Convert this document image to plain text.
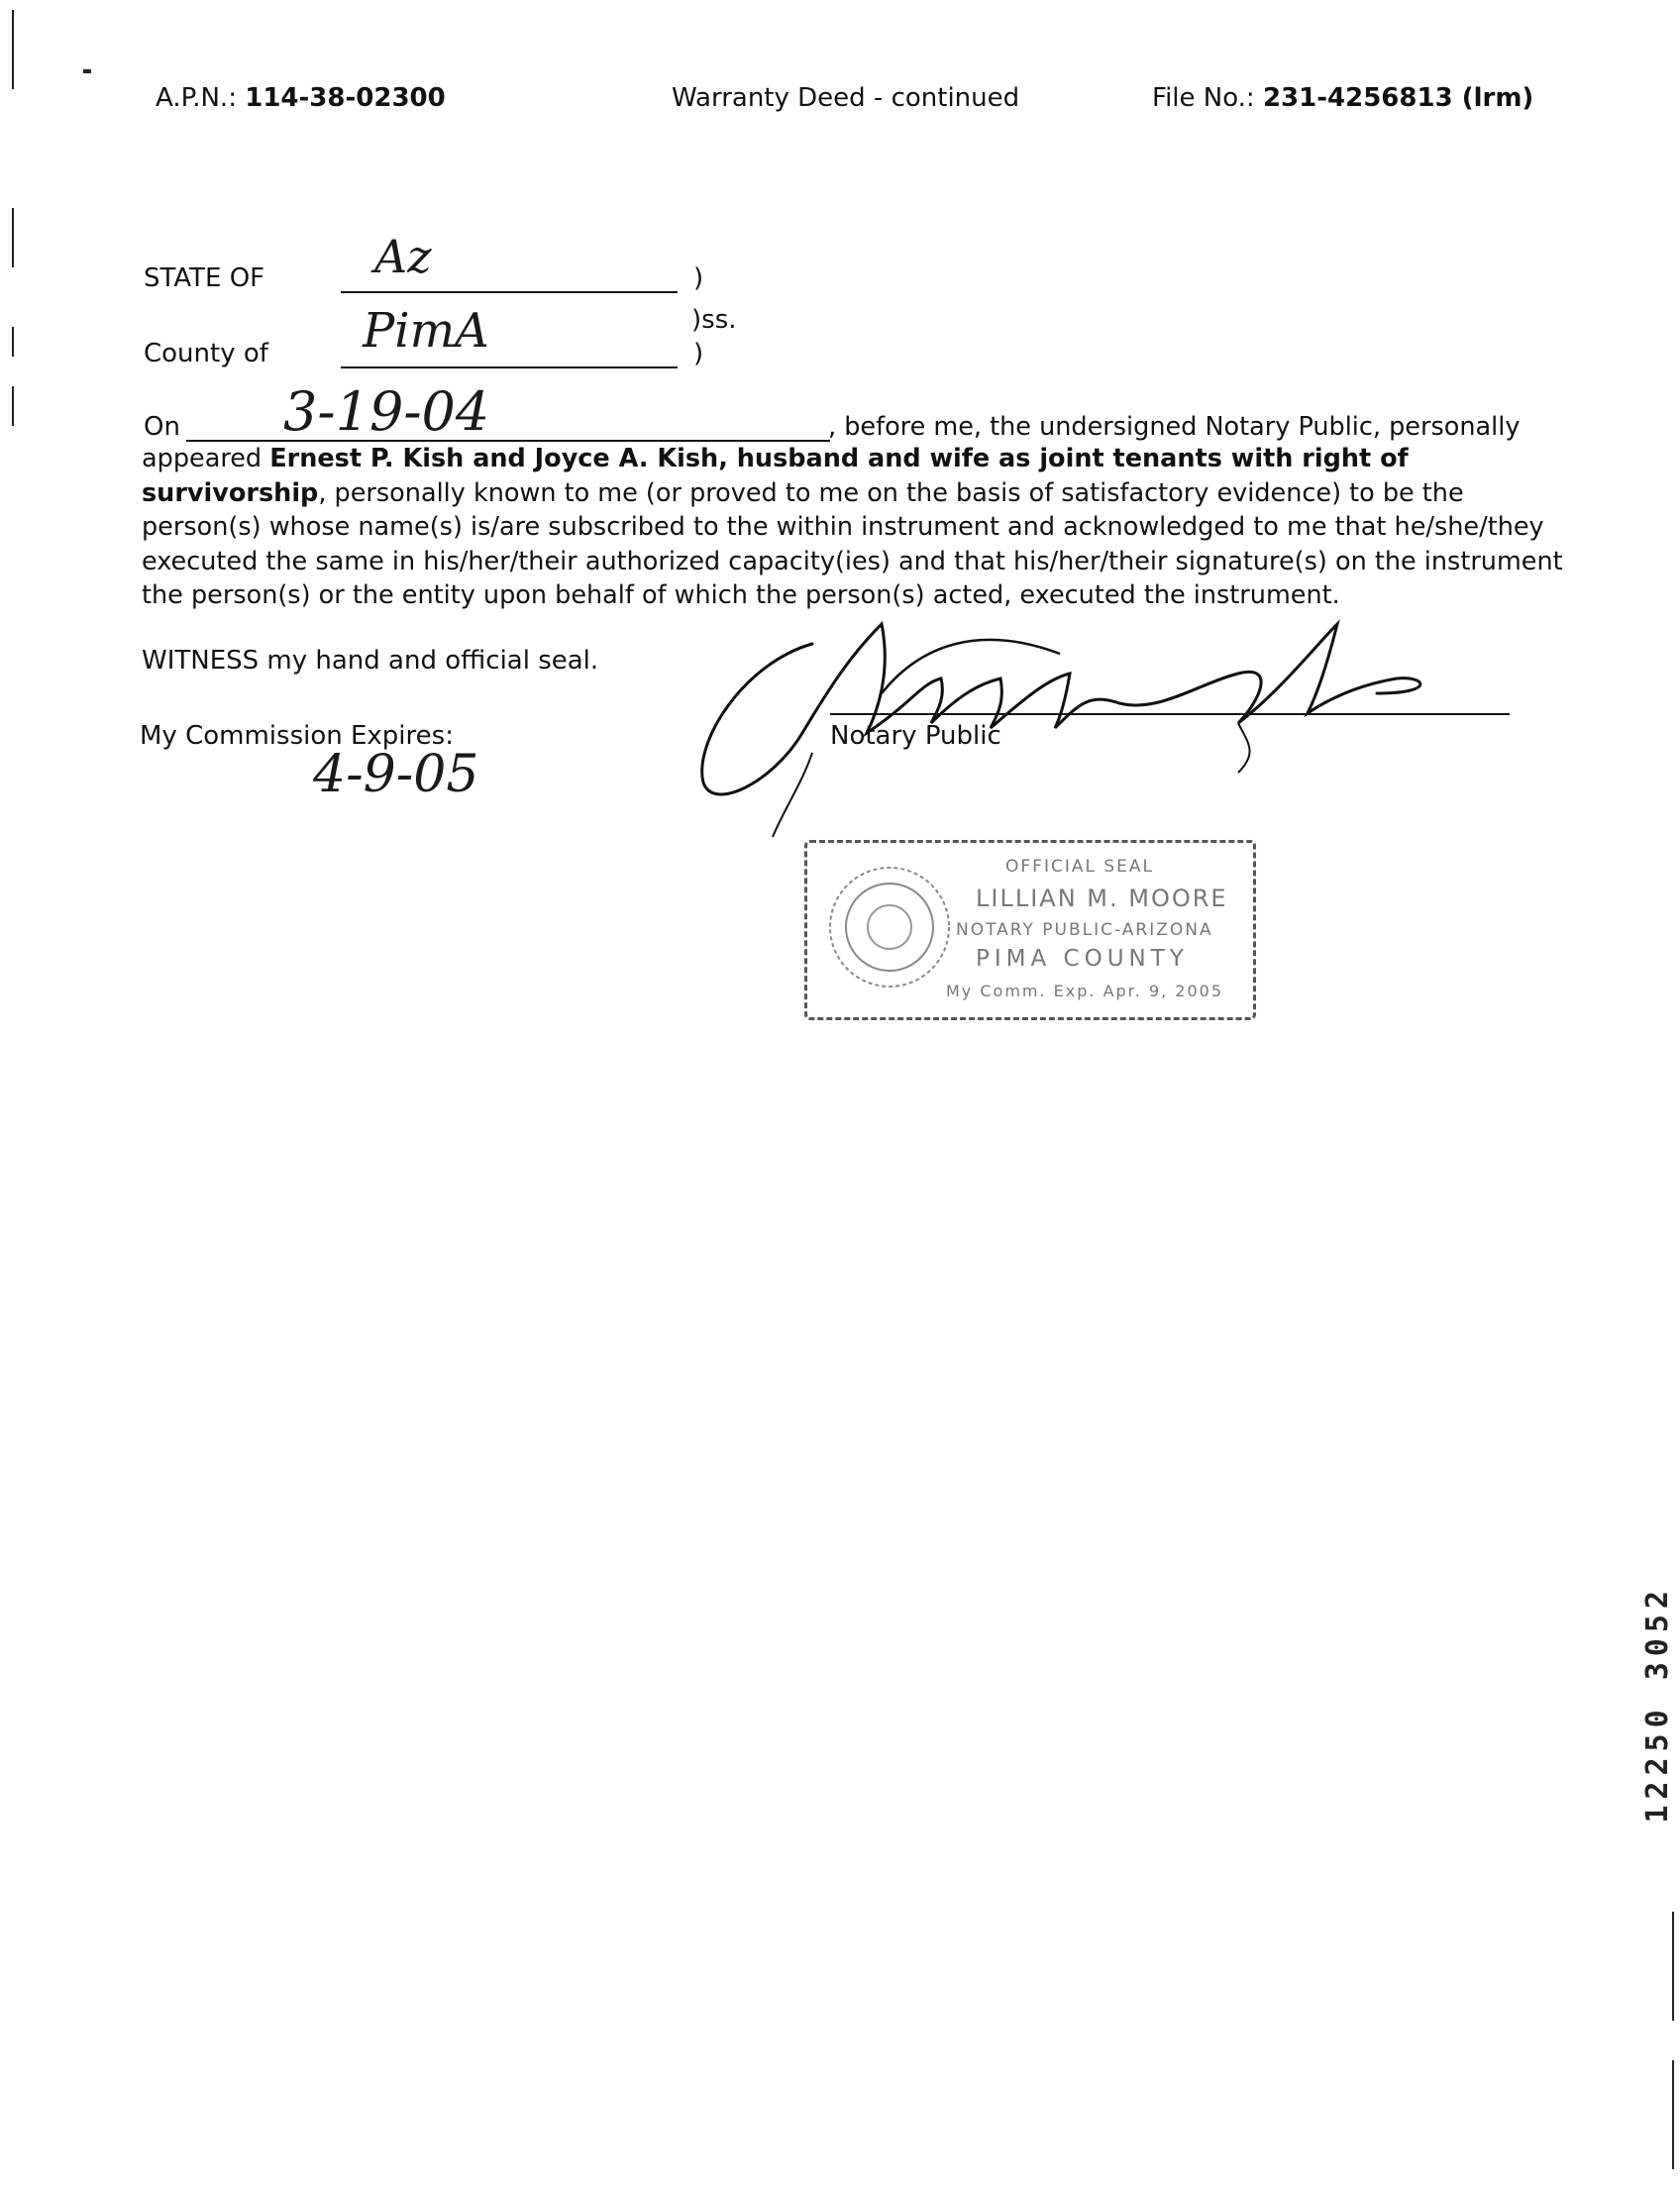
A.P.N.: 114-38-02300	Warranty Deed - continued	File No.: 231-4256813 (lrm)
STATE OF Az	)
)ss.
County of PimA	)
On 3-19-04	, before me, the undersigned Notary Public, personally

appeared Ernest P. Kish and Joyce A. Kish, husband and wife as joint tenants with right of

survivorship, personally known to me (or proved to me on the basis of satisfactory evidence) to be the

person(s) whose name(s) is/are subscribed to the within instrument and acknowledged to me that he/she/they

executed the same in his/her/their authorized capacity(ies) and that his/her/their signature(s) on the instrument

the person(s) or the entity upon behalf of which the person(s) acted, executed the instrument.

WITNESS my hand and official seal.
My Commission Expires:
4-9-05
Notary Public
OFFICIAL SEAL
LILLIAN M. MOORE
NOTARY PUBLIC-ARIZONA
PIMA COUNTY
My Comm. Exp. Apr. 9, 2005
12250 3052
